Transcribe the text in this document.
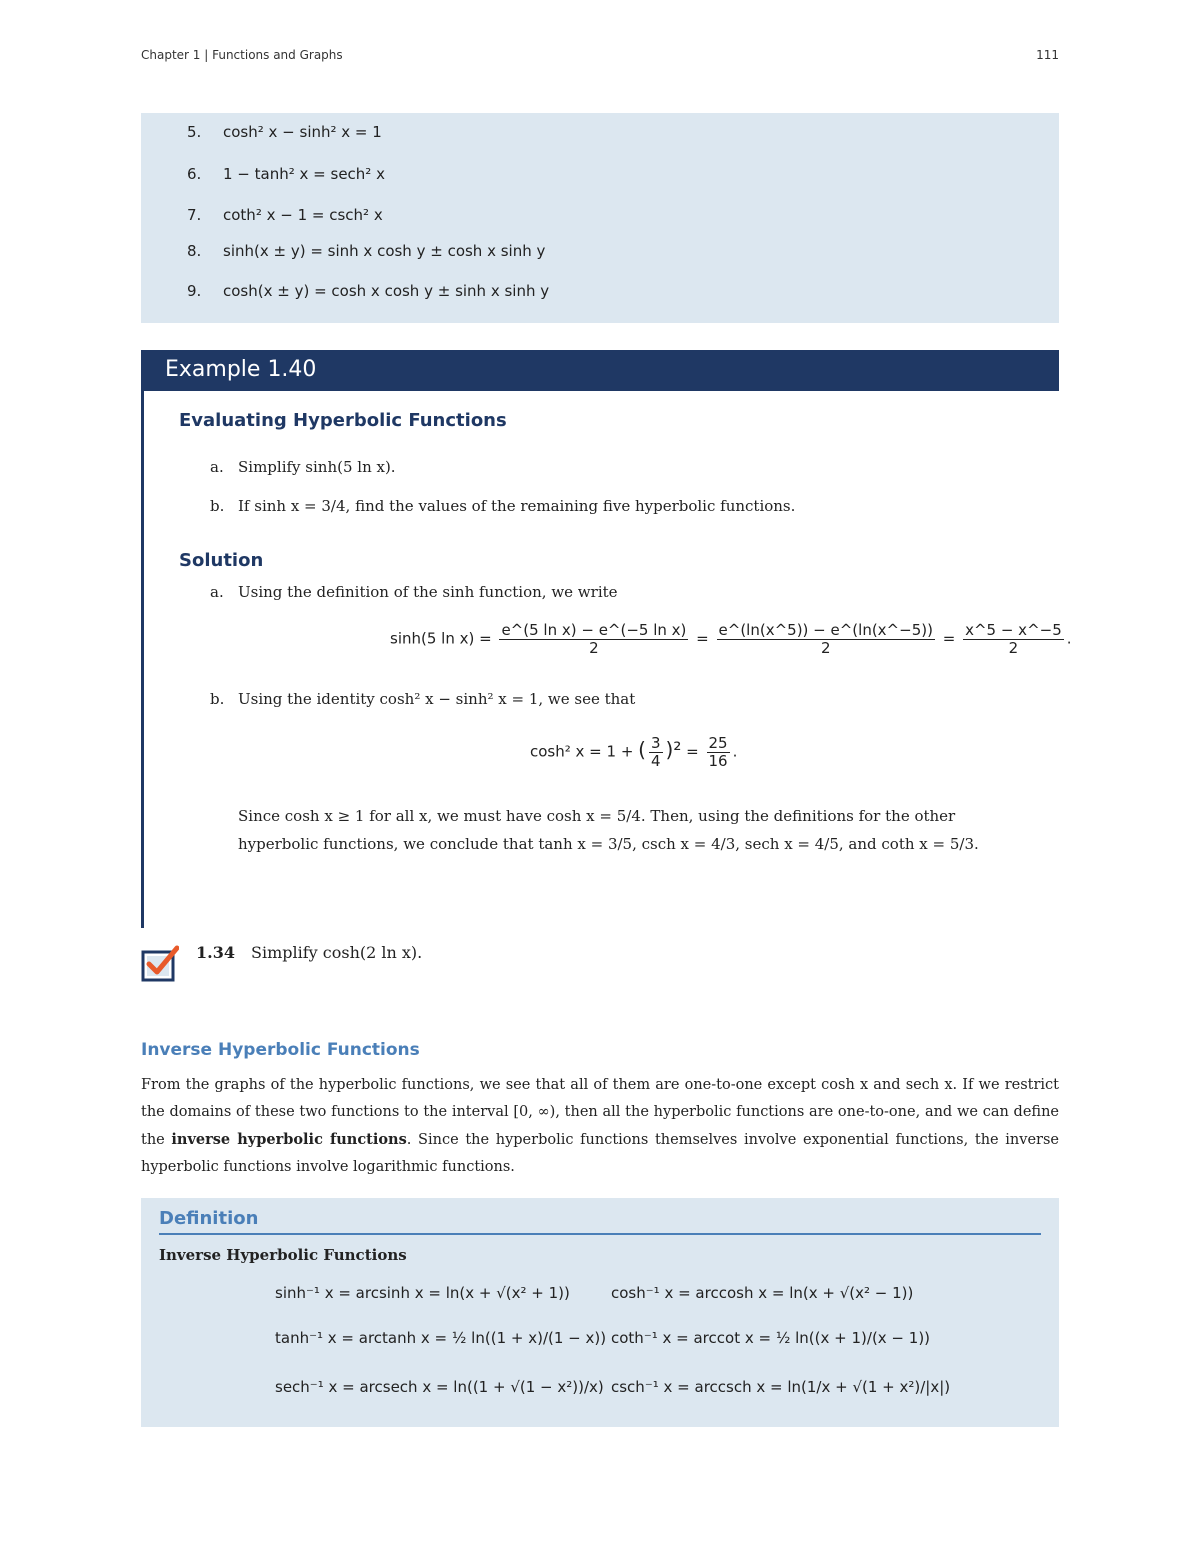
Chapter 1 | Functions and Graphs	111
5. cosh² x − sinh² x = 1
6. 1 − tanh² x = sech² x
7. coth² x − 1 = csch² x
8. sinh(x ± y) = sinh x cosh y ± cosh x sinh y
9. cosh(x ± y) = cosh x cosh y ± sinh x sinh y
Example 1.40
Evaluating Hyperbolic Functions
a. Simplify sinh(5 ln x).
b. If sinh x = 3/4, find the values of the remaining five hyperbolic functions.
Solution
a. Using the definition of the sinh function, we write
sinh(5 $\ln x) = \frac{\text{e\textasciicircum{}(5 ln x) − e\textasciicircum{}(−5 ln x)}}{2} = \frac{e\^{}(\ln(x\^{}5)) - e\^{}(\ln(x\^{}-5))}{2} = \frac{x\^{}5 - x\^{}-5}{2}$ .
b. Using the identity cosh² x − sinh² x = 1, we see that
cosh² x = 1 + ( $\frac{3}{4} )^2 = \frac{25}{16}$ .
Since cosh x ≥ 1 for all x, we must have cosh x = 5/4. Then, using the definitions for the other
hyperbolic functions, we conclude that tanh x = 3/5, csch x = 4/3, sech x = 4/5, and coth x = 5/3.
1.34 Simplify cosh(2 ln x).
Inverse Hyperbolic Functions
From the graphs of the hyperbolic functions, we see that all of them are one-to-one except cosh x and sech x. If we restrict the domains of these two functions to the interval [0, ∞), then all the hyperbolic functions are one-to-one, and we can define the inverse hyperbolic functions. Since the hyperbolic functions themselves involve exponential functions, the inverse hyperbolic functions involve logarithmic functions.
Definition
Inverse Hyperbolic Functions
sinh⁻¹ x = arcsinh x = ln(x + √(x² + 1))	cosh⁻¹ x = arccosh x = ln(x + √(x² − 1))
tanh⁻¹ x = arctanh x = ½ ln((1 + x)/(1 − x)) coth⁻¹ x = arccot x = ½ ln((x + 1)/(x − 1))
sech⁻¹ x = arcsech x = ln((1 + √(1 − x²))/x) csch⁻¹ x = arccsch x = ln(1/x + √(1 + x²)/|x|)
